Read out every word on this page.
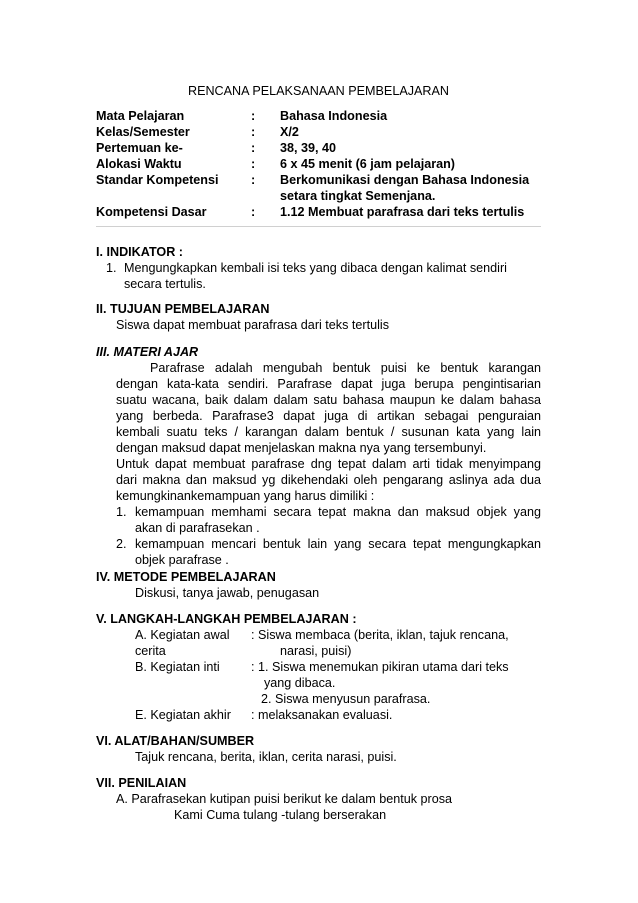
RENCANA PELAKSANAAN PEMBELAJARAN
Mata Pelajaran	: Bahasa Indonesia
Kelas/Semester	: X/2
Pertemuan ke-	: 38, 39, 40
Alokasi Waktu	: 6 x 45 menit (6 jam pelajaran)
Standar Kompetensi	: Berkomunikasi dengan Bahasa Indonesia
setara tingkat Semenjana.
Kompetensi Dasar	: 1.12 Membuat parafrasa dari teks tertulis
I. INDIKATOR :
1. Mengungkapkan kembali isi teks yang dibaca dengan kalimat sendiri
secara tertulis.
II. TUJUAN PEMBELAJARAN
Siswa dapat membuat parafrasa dari teks tertulis
III. MATERI AJAR
Parafrase adalah mengubah bentuk puisi ke bentuk karangan
dengan kata-kata sendiri. Parafrase dapat juga berupa pengintisarian
suatu wacana, baik dalam dalam satu bahasa maupun ke dalam bahasa
yang berbeda. Parafrase3 dapat juga di artikan sebagai penguraian
kembali suatu teks / karangan dalam bentuk / susunan kata yang lain
dengan maksud dapat menjelaskan makna nya yang tersembunyi.
Untuk dapat membuat parafrase dng tepat dalam arti tidak menyimpang
dari makna dan maksud yg dikehendaki oleh pengarang aslinya ada dua
kemungkinankemampuan yang harus dimiliki :
1. kemampuan memhami secara tepat makna dan maksud objek yang
akan di parafrasekan .
2. kemampuan mencari bentuk lain yang secara tepat mengungkapkan
objek parafrase .
IV. METODE PEMBELAJARAN
Diskusi, tanya jawab, penugasan
V. LANGKAH-LANGKAH PEMBELAJARAN :
A. Kegiatan awal : Siswa membaca (berita, iklan, tajuk rencana,
cerita	narasi, puisi)
B. Kegiatan inti : 1. Siswa menemukan pikiran utama dari teks
yang dibaca.
2. Siswa menyusun parafrasa.
E. Kegiatan akhir : melaksanakan evaluasi.
VI. ALAT/BAHAN/SUMBER
Tajuk rencana, berita, iklan, cerita narasi, puisi.
VII. PENILAIAN
A. Parafrasekan kutipan puisi berikut ke dalam bentuk prosa
Kami Cuma tulang -tulang berserakan
